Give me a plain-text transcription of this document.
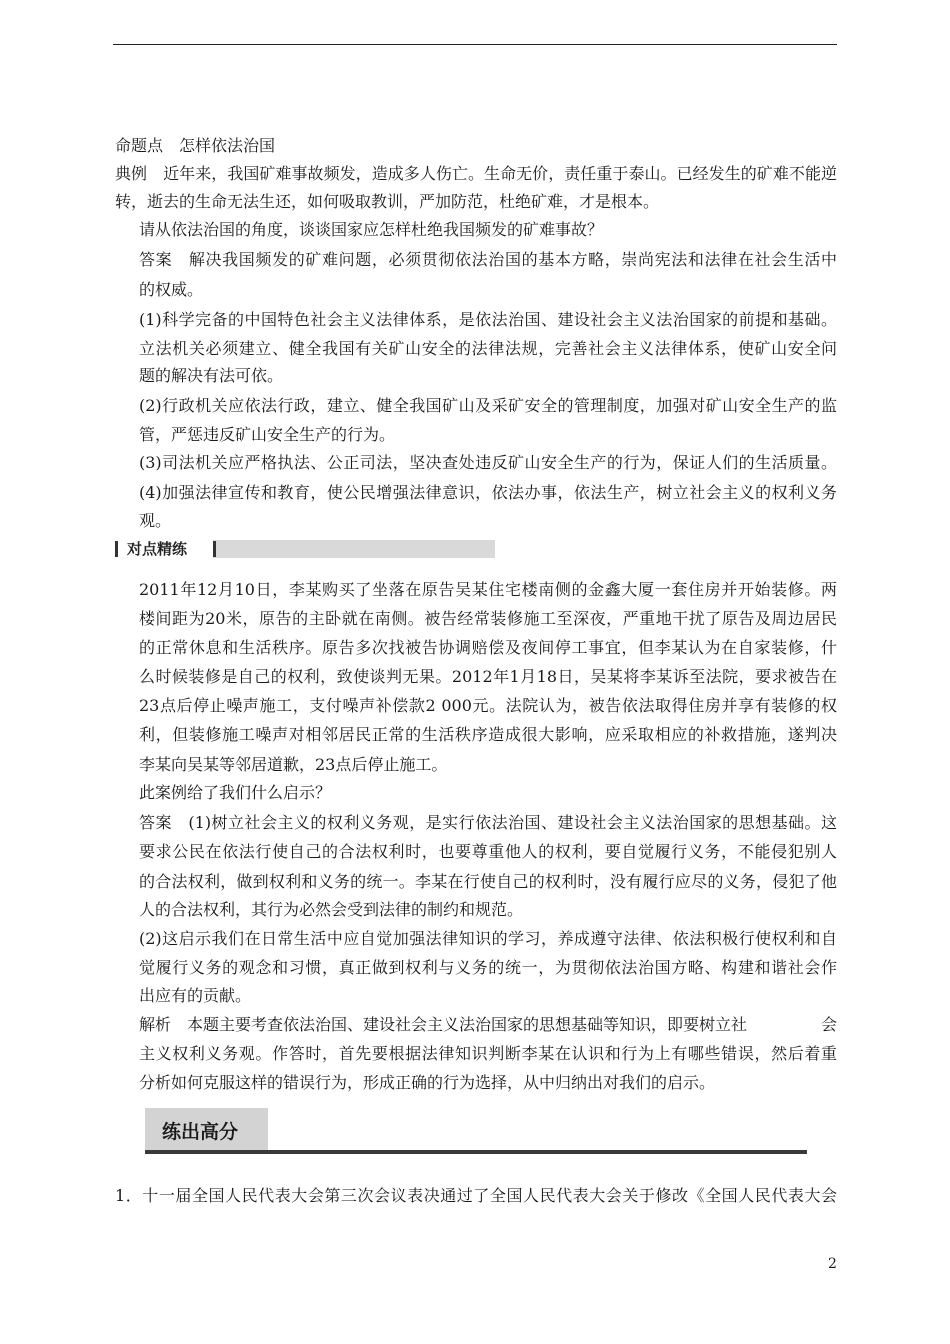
命题点　怎样依法治国
典例　近年来，我国矿难事故频发，造成多人伤亡。生命无价，责任重于泰山。已经发生的矿难不能逆
转，逝去的生命无法生还，如何吸取教训，严加防范，杜绝矿难，才是根本。
请从依法治国的角度，谈谈国家应怎样杜绝我国频发的矿难事故？
答案　解决我国频发的矿难问题，必须贯彻依法治国的基本方略，崇尚宪法和法律在社会生活中
的权威。
(1)科学完备的中国特色社会主义法律体系，是依法治国、建设社会主义法治国家的前提和基础。
立法机关必须建立、健全我国有关矿山安全的法律法规，完善社会主义法律体系，使矿山安全问
题的解决有法可依。
(2)行政机关应依法行政，建立、健全我国矿山及采矿安全的管理制度，加强对矿山安全生产的监
管，严惩违反矿山安全生产的行为。
(3)司法机关应严格执法、公正司法，坚决查处违反矿山安全生产的行为，保证人们的生活质量。
(4)加强法律宣传和教育，使公民增强法律意识，依法办事，依法生产，树立社会主义的权利义务
观。
对点精练
2011年12月10日，李某购买了坐落在原告吴某住宅楼南侧的金鑫大厦一套住房并开始装修。两
楼间距为20米，原告的主卧就在南侧。被告经常装修施工至深夜，严重地干扰了原告及周边居民
的正常休息和生活秩序。原告多次找被告协调赔偿及夜间停工事宜，但李某认为在自家装修，什
么时候装修是自己的权利，致使谈判无果。2012年1月18日，吴某将李某诉至法院，要求被告在
23点后停止噪声施工，支付噪声补偿款2 000元。法院认为，被告依法取得住房并享有装修的权
利，但装修施工噪声对相邻居民正常的生活秩序造成很大影响，应采取相应的补救措施，遂判决
李某向吴某等邻居道歉，23点后停止施工。
此案例给了我们什么启示？
答案　(1)树立社会主义的权利义务观，是实行依法治国、建设社会主义法治国家的思想基础。这
要求公民在依法行使自己的合法权利时，也要尊重他人的权利，要自觉履行义务，不能侵犯别人
的合法权利，做到权利和义务的统一。李某在行使自己的权利时，没有履行应尽的义务，侵犯了他
人的合法权利，其行为必然会受到法律的制约和规范。
(2)这启示我们在日常生活中应自觉加强法律知识的学习，养成遵守法律、依法积极行使权利和自
觉履行义务的观念和习惯，真正做到权利与义务的统一，为贯彻依法治国方略、构建和谐社会作
出应有的贡献。
解析　本题主要考查依法治国、建设社会主义法治国家的思想基础等知识，即要树立社	会
主义权利义务观。作答时，首先要根据法律知识判断李某在认识和行为上有哪些错误，然后着重
分析如何克服这样的错误行为，形成正确的行为选择，从中归纳出对我们的启示。
练出高分
1．十一届全国人民代表大会第三次会议表决通过了全国人民代表大会关于修改《全国人民代表大会
2
